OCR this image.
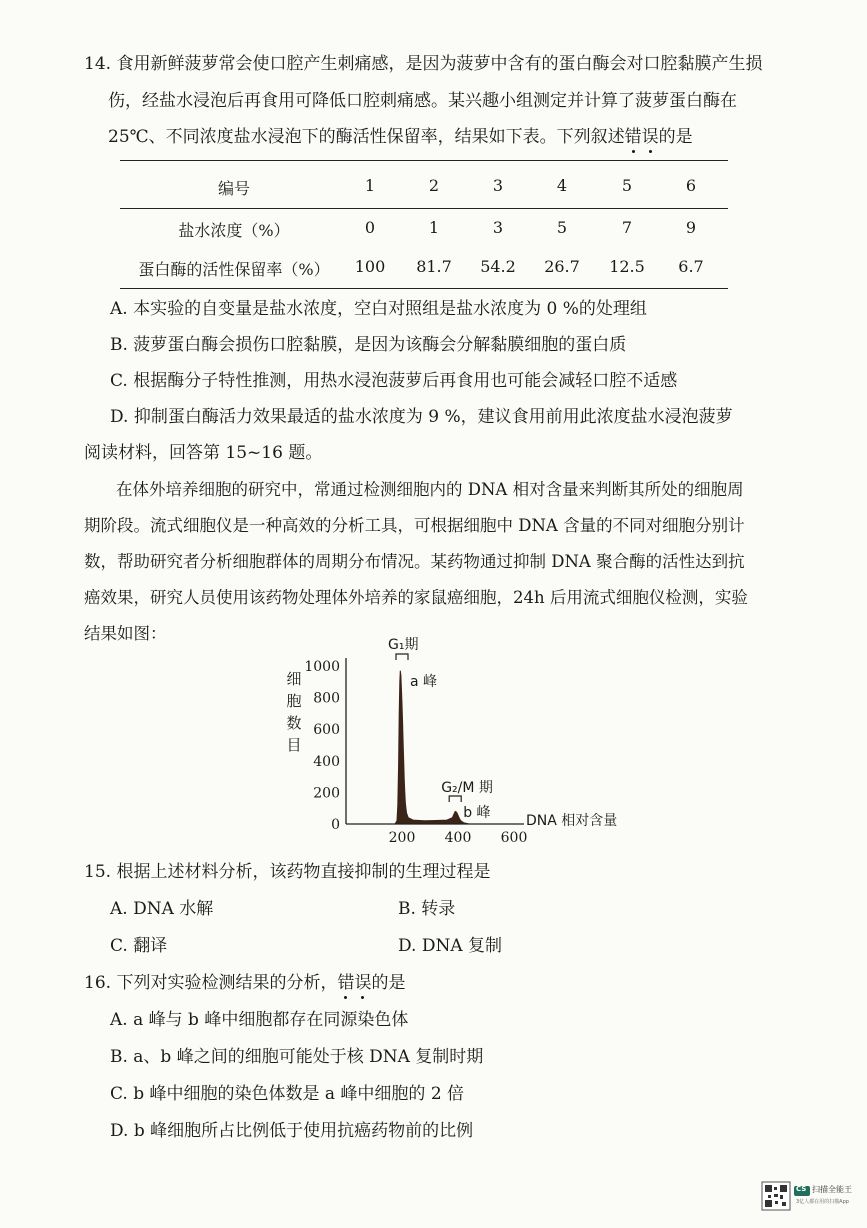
14. 食用新鲜菠萝常会使口腔产生刺痛感，是因为菠萝中含有的蛋白酶会对口腔黏膜产生损
伤，经盐水浸泡后再食用可降低口腔刺痛感。某兴趣小组测定并计算了菠萝蛋白酶在
25℃、不同浓度盐水浸泡下的酶活性保留率，结果如下表。下列叙述错误的是
编号	1	2	3	4	5	6
盐水浓度（%）	0	1	3	5	7	9
蛋白酶的活性保留率（%）	100	81.7	54.2	26.7	12.5	6.7
A. 本实验的自变量是盐水浓度，空白对照组是盐水浓度为 0 %的处理组
B. 菠萝蛋白酶会损伤口腔黏膜，是因为该酶会分解黏膜细胞的蛋白质
C. 根据酶分子特性推测，用热水浸泡菠萝后再食用也可能会减轻口腔不适感
D. 抑制蛋白酶活力效果最适的盐水浓度为 9 %，建议食用前用此浓度盐水浸泡菠萝
阅读材料，回答第 15~16 题。
在体外培养细胞的研究中，常通过检测细胞内的 DNA 相对含量来判断其所处的细胞周
期阶段。流式细胞仪是一种高效的分析工具，可根据细胞中 DNA 含量的不同对细胞分别计
数，帮助研究者分析细胞群体的周期分布情况。某药物通过抑制 DNA 聚合酶的活性达到抗
癌效果，研究人员使用该药物处理体外培养的家鼠癌细胞，24h 后用流式细胞仪检测，实验
结果如图：
0
200
400
600
800
1000
200 400 600
细
胞
数
目
DNA 相对含量
G₁期
a 峰
G₂/M 期
b 峰
15. 根据上述材料分析，该药物直接抑制的生理过程是
A. DNA 水解	B. 转录
C. 翻译	D. DNA 复制
16. 下列对实验检测结果的分析，错误的是
A. a 峰与 b 峰中细胞都存在同源染色体
B. a、b 峰之间的细胞可能处于核 DNA 复制时期
C. b 峰中细胞的染色体数是 a 峰中细胞的 2 倍
D. b 峰细胞所占比例低于使用抗癌药物前的比例
CS 扫描全能王
3亿人都在用的扫描App
